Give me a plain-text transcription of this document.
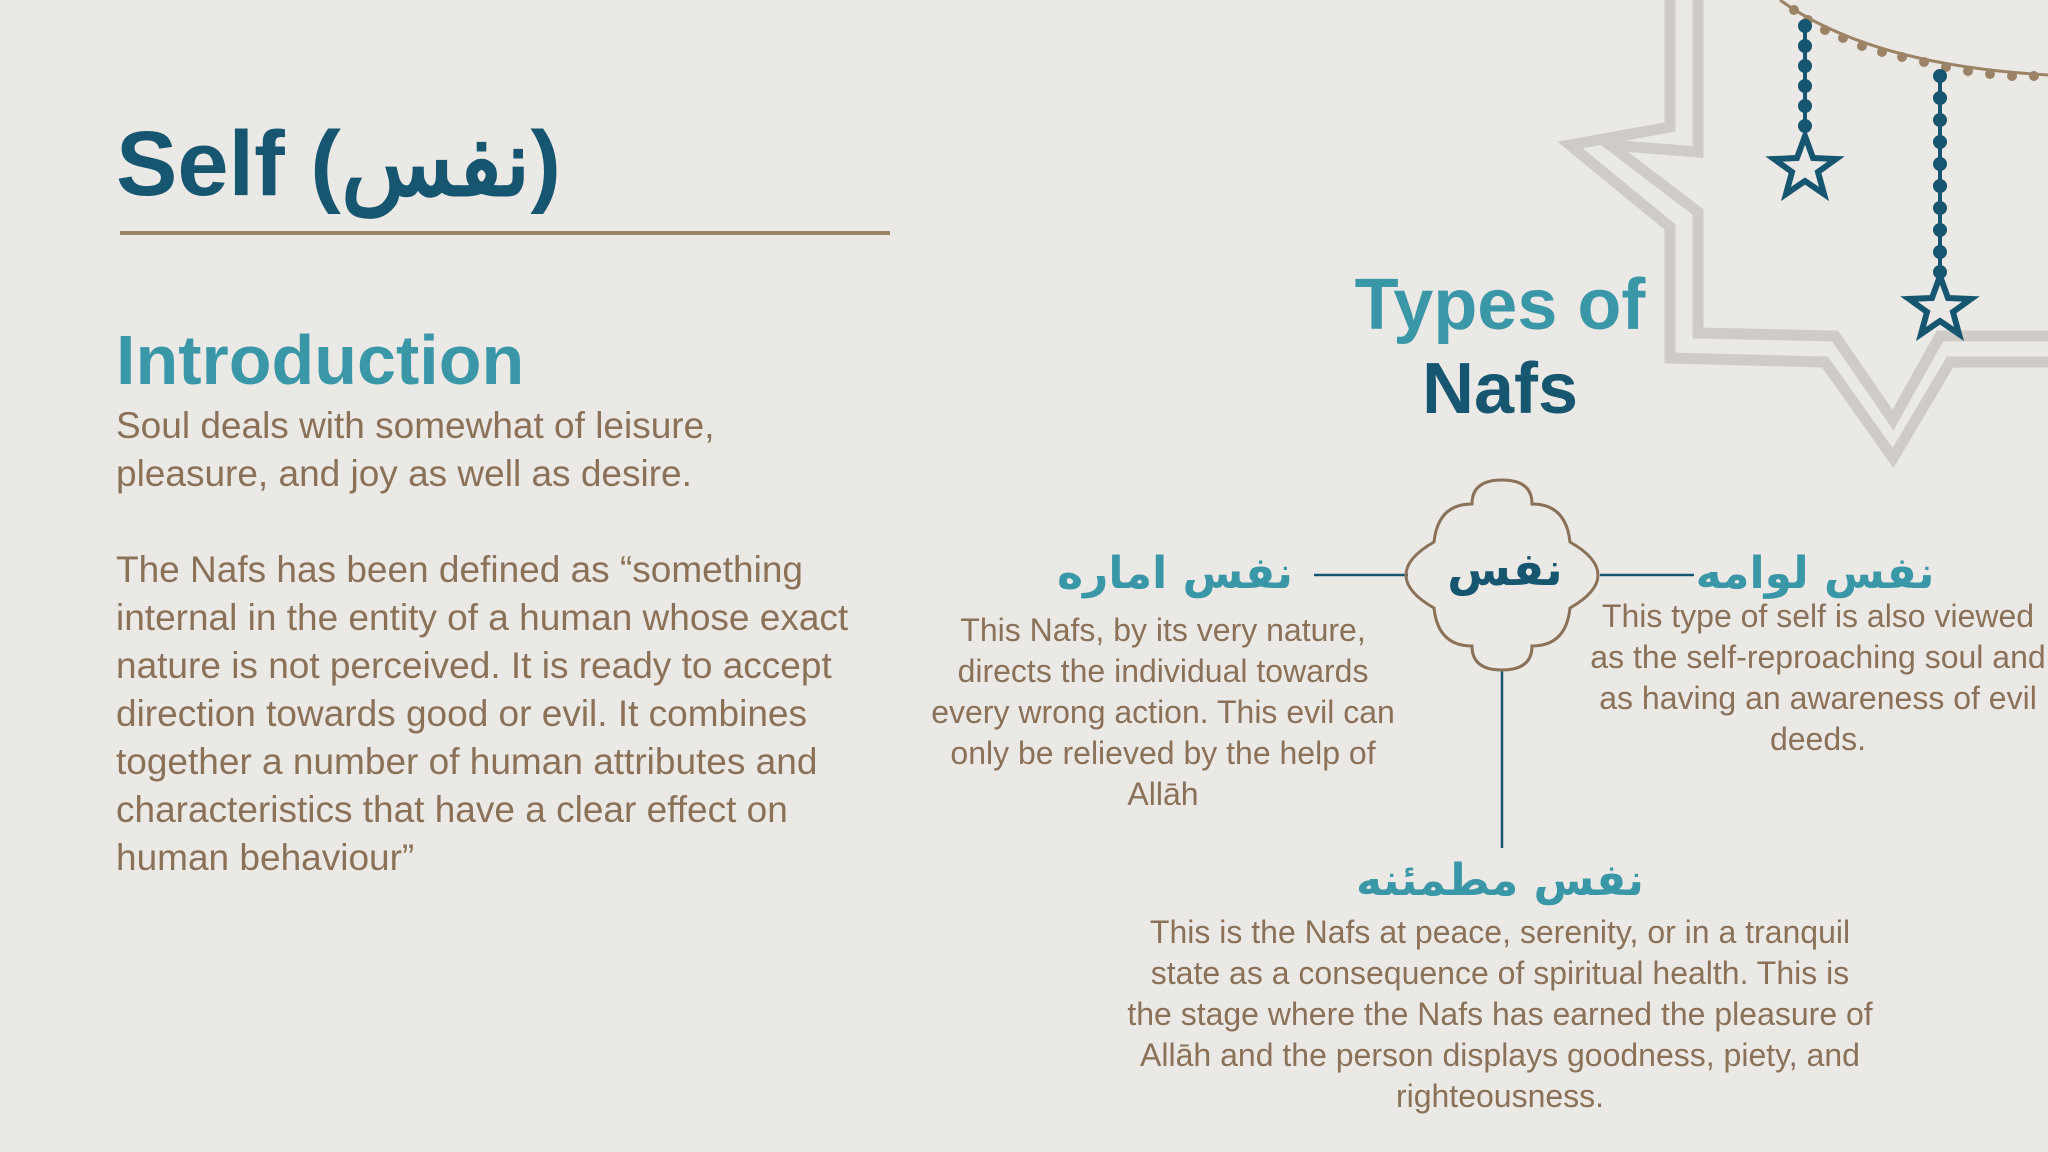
Self (نفس)
Introduction
Soul deals with somewhat of leisure, pleasure, and joy as well as desire.
The Nafs has been defined as “something internal in the entity of a human whose exact nature is not perceived. It is ready to accept direction towards good or evil. It combines together a number of human attributes and characteristics that have a clear effect on human behaviour”
Types of
Nafs
نفس
نفس اماره
This Nafs, by its very nature, directs the individual towards every wrong action. This evil can only be relieved by the help of Allāh
نفس لوامه
This type of self is also viewed as the self-reproaching soul and as having an awareness of evil deeds.
نفس مطمئنه
This is the Nafs at peace, serenity, or in a tranquil state as a consequence of spiritual health. This is the stage where the Nafs has earned the pleasure of Allāh and the person displays goodness, piety, and righteousness.
